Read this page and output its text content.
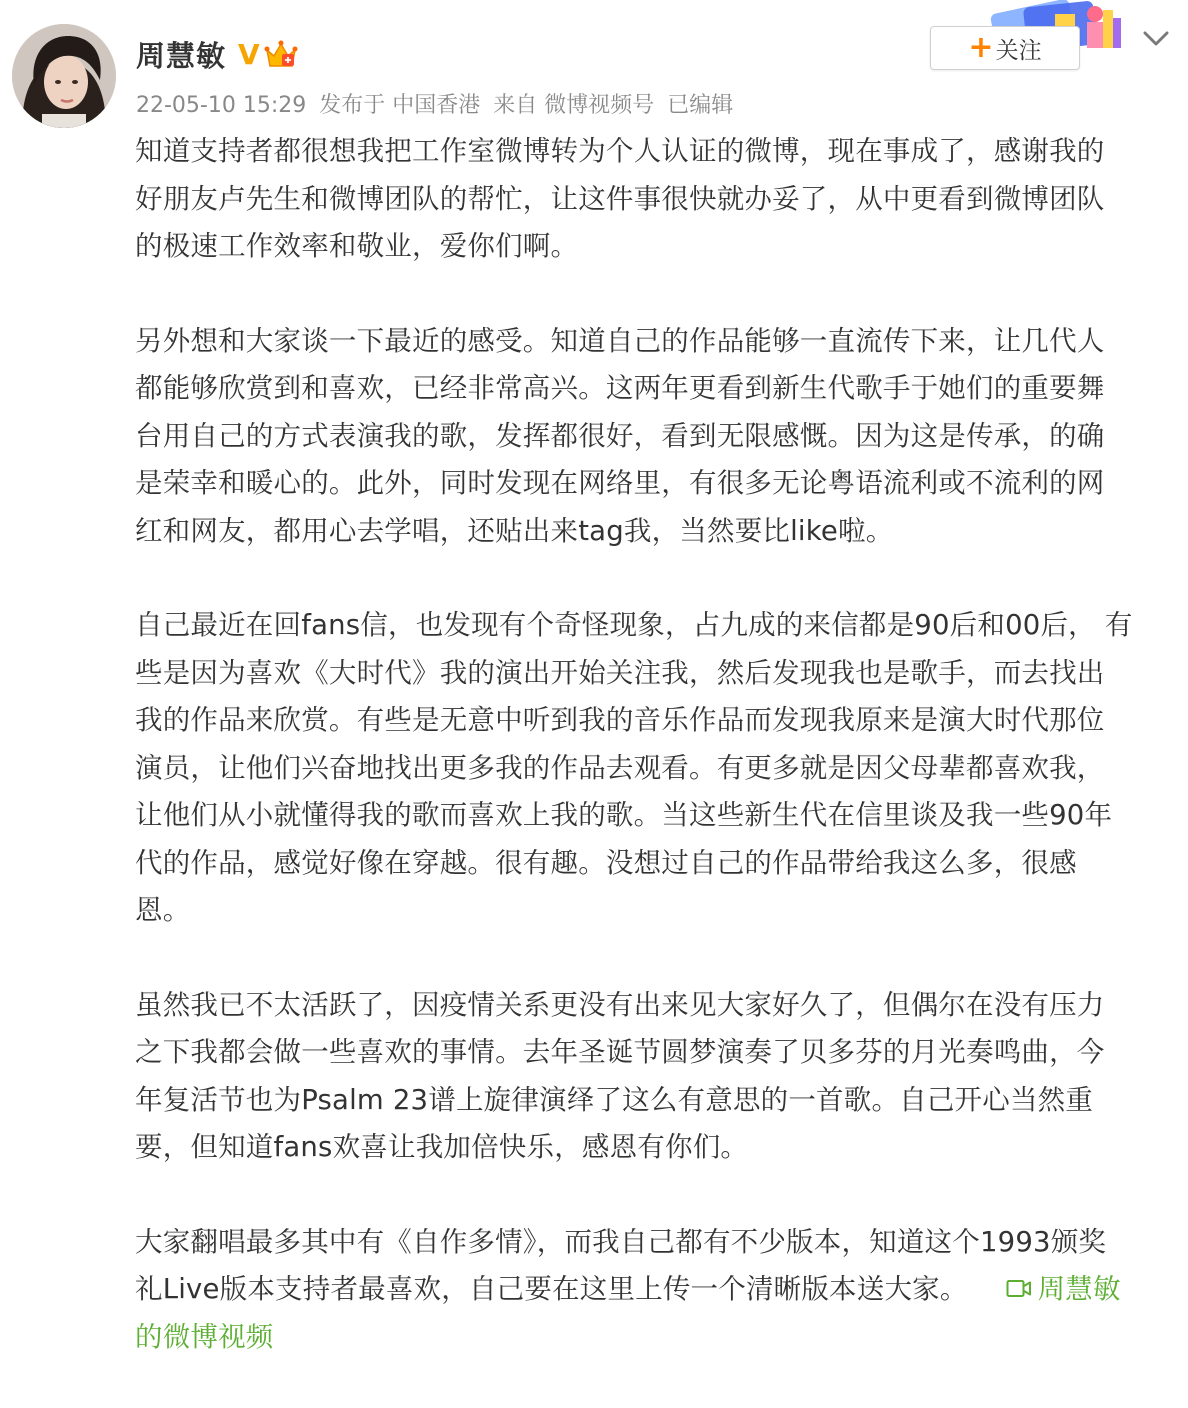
周慧敏 V
22-05-10 15:29 发布于 中国香港 来自 微博视频号 已编辑
+ 关注

知道支持者都很想我把工作室微博转为个人认证的微博，现在事成了，感谢我的
好朋友卢先生和微博团队的帮忙，让这件事很快就办妥了，从中更看到微博团队
的极速工作效率和敬业，爱你们啊。

另外想和大家谈一下最近的感受。知道自己的作品能够一直流传下来，让几代人
都能够欣赏到和喜欢，已经非常高兴。这两年更看到新生代歌手于她们的重要舞
台用自己的方式表演我的歌，发挥都很好，看到无限感慨。因为这是传承，的确
是荣幸和暖心的。此外，同时发现在网络里，有很多无论粤语流利或不流利的网
红和网友，都用心去学唱，还贴出来tag我，当然要比like啦。

自己最近在回fans信，也发现有个奇怪现象，占九成的来信都是90后和00后， 有
些是因为喜欢《大时代》我的演出开始关注我，然后发现我也是歌手，而去找出
我的作品来欣赏。有些是无意中听到我的音乐作品而发现我原来是演大时代那位
演员，让他们兴奋地找出更多我的作品去观看。有更多就是因父母辈都喜欢我，
让他们从小就懂得我的歌而喜欢上我的歌。当这些新生代在信里谈及我一些90年
代的作品，感觉好像在穿越。很有趣。没想过自己的作品带给我这么多，很感
恩。

虽然我已不太活跃了，因疫情关系更没有出来见大家好久了，但偶尔在没有压力
之下我都会做一些喜欢的事情。去年圣诞节圆梦演奏了贝多芬的月光奏鸣曲，今
年复活节也为Psalm 23谱上旋律演绎了这么有意思的一首歌。自己开心当然重
要，但知道fans欢喜让我加倍快乐，感恩有你们。

大家翻唱最多其中有《自作多情》，而我自己都有不少版本，知道这个1993颁奖
礼Live版本支持者最喜欢，自己要在这里上传一个清晰版本送大家。	周慧敏
的微博视频
